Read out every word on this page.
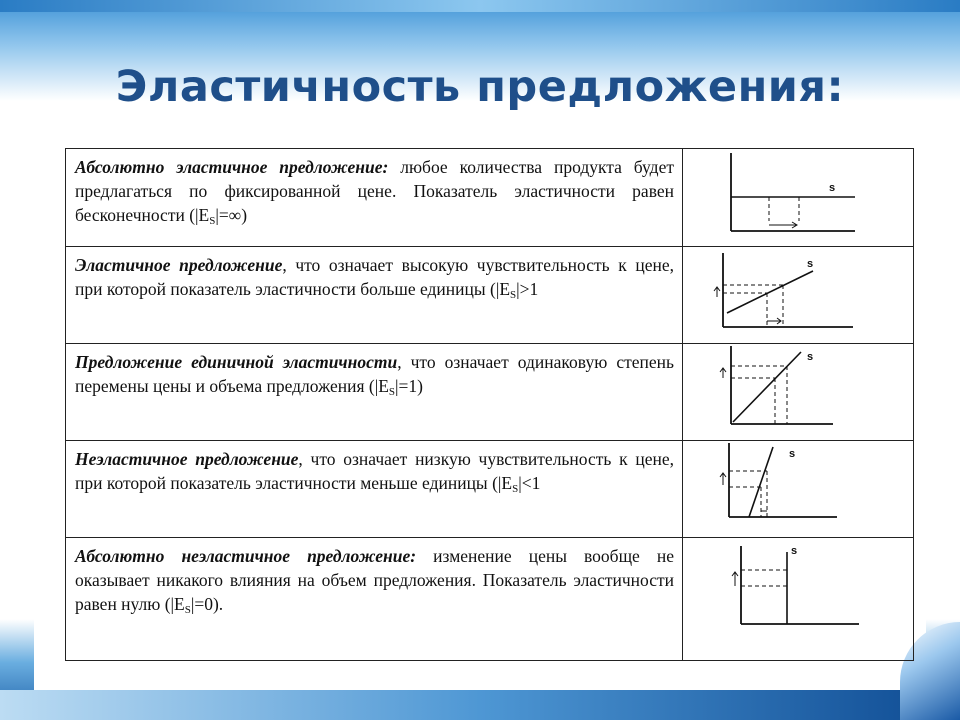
Эластичность предложения:
Абсолютно эластичное предложение: любое количества продукта будет предлагаться по фиксированной цене. Показатель эластичности равен бесконечности $(|E_S|=\infty)$	s

Эластичное предложение, что означает высокую чувствительность к цене, при которой показатель эластичности больше единицы ($|E_S|>1$	s

Предложение единичной эластичности, что означает одинаковую степень перемены цены и объема предложения $(|E_S|=1)$	s

Неэластичное предложение, что означает низкую чувствительность к цене, при которой показатель эластичности меньше единицы ($|E_S|<1$	s

Абсолютно неэластичное предложение: изменение цены вообще не оказывает никакого влияния на объем предложения. Показатель эластичности равен нулю $(|E_S|=0)$.	s
